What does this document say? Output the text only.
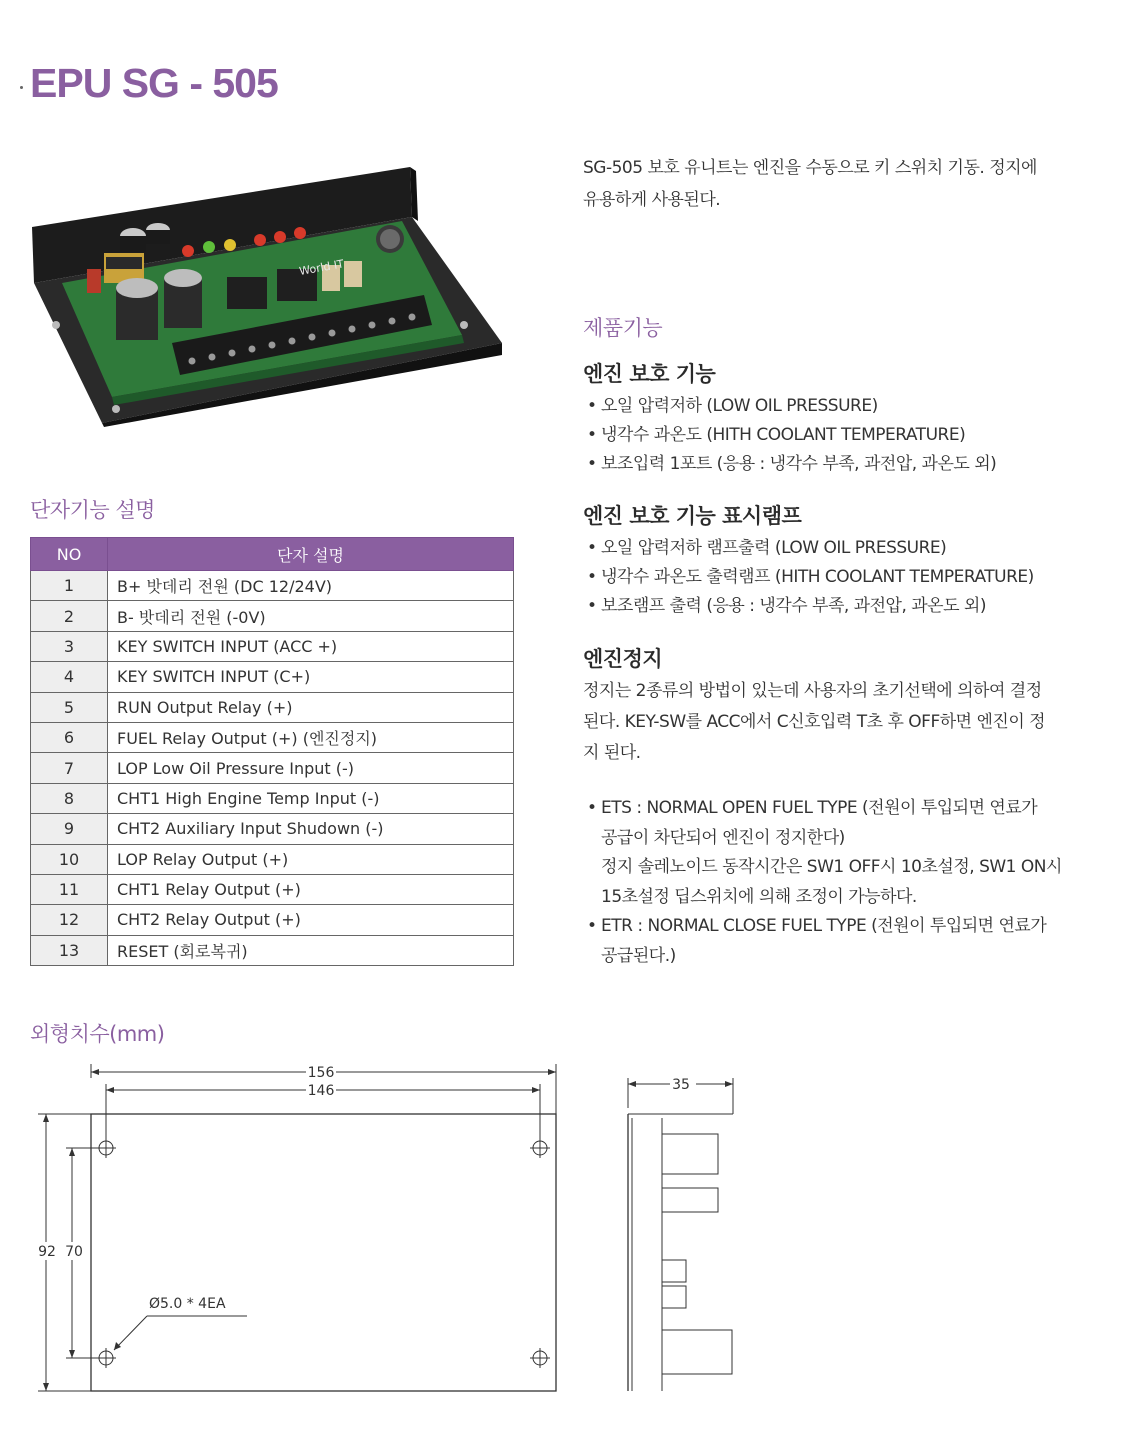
EPU SG - 505
World IT
SG-505 보호 유니트는 엔진을 수동으로 키 스위치 기동. 정지에
유용하게 사용된다.
제품기능
엔진 보호 기능
• 오일 압력저하 (LOW OIL PRESSURE)
• 냉각수 과온도 (HITH COOLANT TEMPERATURE)
• 보조입력 1포트 (응용 : 냉각수 부족, 과전압, 과온도 외)
엔진 보호 기능 표시램프
• 오일 압력저하 램프출력 (LOW OIL PRESSURE)
• 냉각수 과온도 출력램프 (HITH COOLANT TEMPERATURE)
• 보조램프 출력 (응용 : 냉각수 부족, 과전압, 과온도 외)
엔진정지
정지는 2종류의 방법이 있는데 사용자의 초기선택에 의하여 결정
된다. KEY-SW를 ACC에서 C신호입력 T초 후 OFF하면 엔진이 정
지 된다.
• ETS : NORMAL OPEN FUEL TYPE (전원이 투입되면 연료가
공급이 차단되어 엔진이 정지한다)
정지 솔레노이드 동작시간은 SW1 OFF시 10초설정, SW1 ON시
15초설정 딥스위치에 의해 조정이 가능하다.
• ETR : NORMAL CLOSE FUEL TYPE (전원이 투입되면 연료가
공급된다.)
단자기능 설명
NO	단자 설명
1	B+ 밧데리 전원 (DC 12/24V)
2	B- 밧데리 전원 (-0V)
3	KEY SWITCH INPUT (ACC +)
4	KEY SWITCH INPUT (C+)
5	RUN Output Relay (+)
6	FUEL Relay Output (+) (엔진정지)
7	LOP Low Oil Pressure Input (-)
8	CHT1 High Engine Temp Input (-)
9	CHT2 Auxiliary Input Shudown (-)
10	LOP Relay Output (+)
11	CHT1 Relay Output (+)
12	CHT2 Relay Output (+)
13	RESET (회로복귀)
외형치수(mm)
156
146
92 70
Ø5.0 * 4EA
35
